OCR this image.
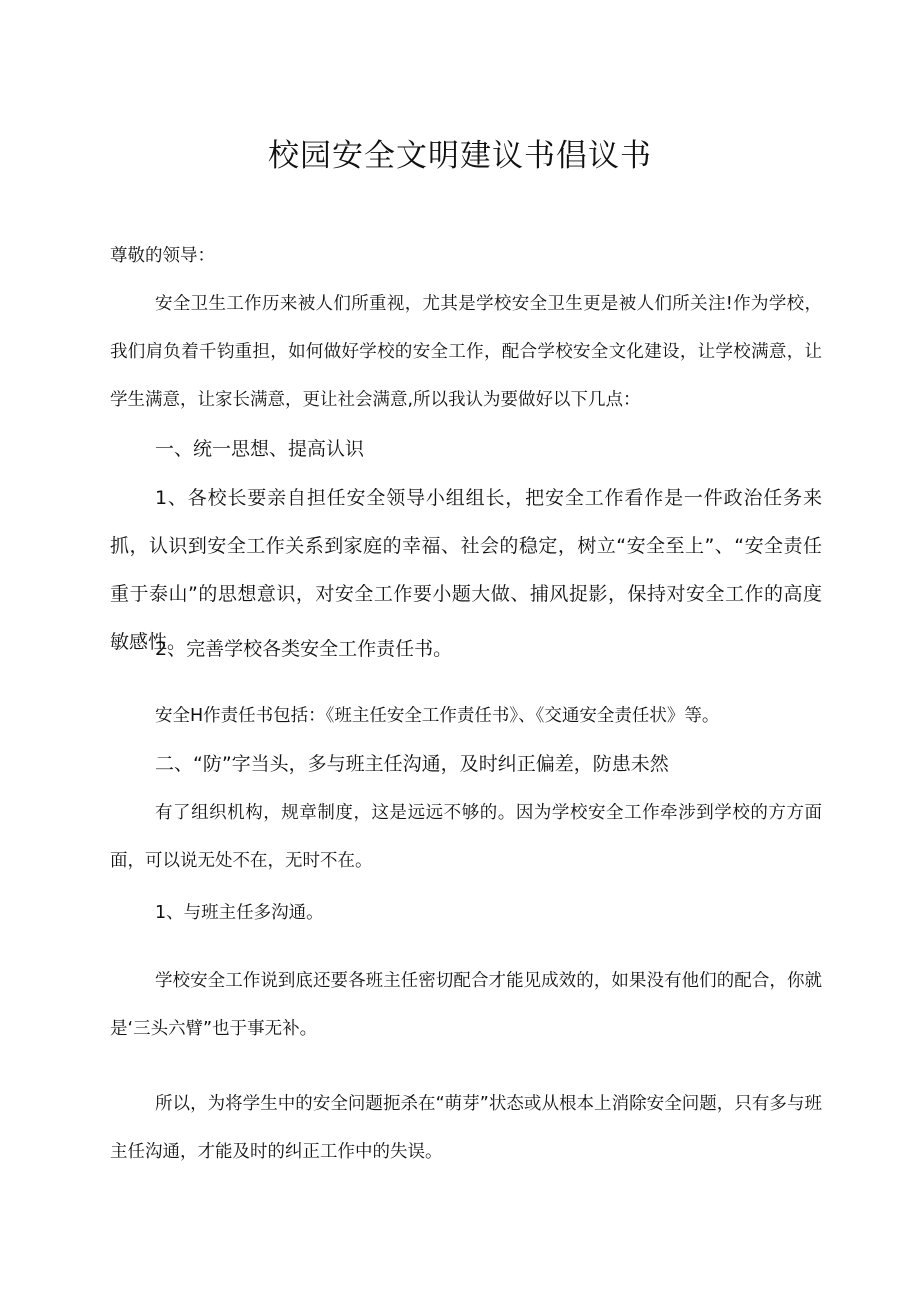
校园安全文明建议书倡议书

尊敬的领导：

安全卫生工作历来被人们所重视，尤其是学校安全卫生更是被人们所关注!作为学校，我们肩负着千钧重担，如何做好学校的安全工作，配合学校安全文化建设，让学校满意，让学生满意，让家长满意，更让社会满意,所以我认为要做好以下几点：

一、统一思想、提高认识

1、各校长要亲自担任安全领导小组组长，把安全工作看作是一件政治任务来抓，认识到安全工作关系到家庭的幸福、社会的稳定，树立“安全至上”、“安全责任重于泰山”的思想意识，对安全工作要小题大做、捕风捉影，保持对安全工作的高度敏感性。

2、完善学校各类安全工作责任书。

安全H作责任书包括：《班主任安全工作责任书》、《交通安全责任状》等。

二、“防”字当头，多与班主任沟通，及时纠正偏差，防患未然

有了组织机构，规章制度，这是远远不够的。因为学校安全工作牵涉到学校的方方面面，可以说无处不在，无时不在。

1、与班主任多沟通。

学校安全工作说到底还要各班主任密切配合才能见成效的，如果没有他们的配合，你就是‘三头六臂”也于事无补。

所以，为将学生中的安全问题扼杀在“萌芽”状态或从根本上消除安全问题，只有多与班主任沟通，才能及时的纠正工作中的失误。
